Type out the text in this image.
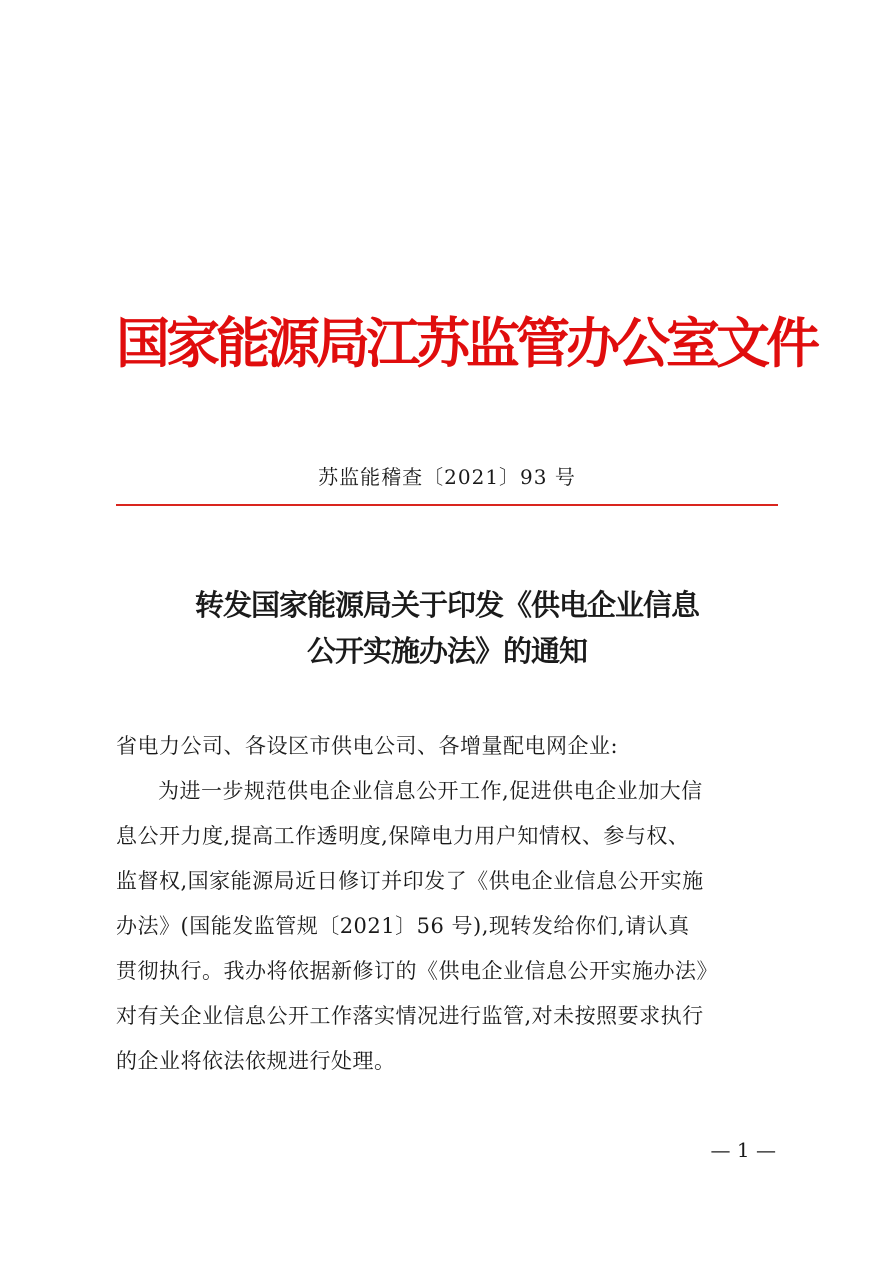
国家能源局江苏监管办公室文件
苏监能稽查〔2021〕93 号
转发国家能源局关于印发《供电企业信息
公开实施办法》的通知
省电力公司、各设区市供电公司、各增量配电网企业:
为进一步规范供电企业信息公开工作,促进供电企业加大信
息公开力度,提高工作透明度,保障电力用户知情权、参与权、
监督权,国家能源局近日修订并印发了《供电企业信息公开实施
办法》(国能发监管规〔2021〕56 号),现转发给你们,请认真
贯彻执行。我办将依据新修订的《供电企业信息公开实施办法》
对有关企业信息公开工作落实情况进行监管,对未按照要求执行
的企业将依法依规进行处理。
— 1 —
